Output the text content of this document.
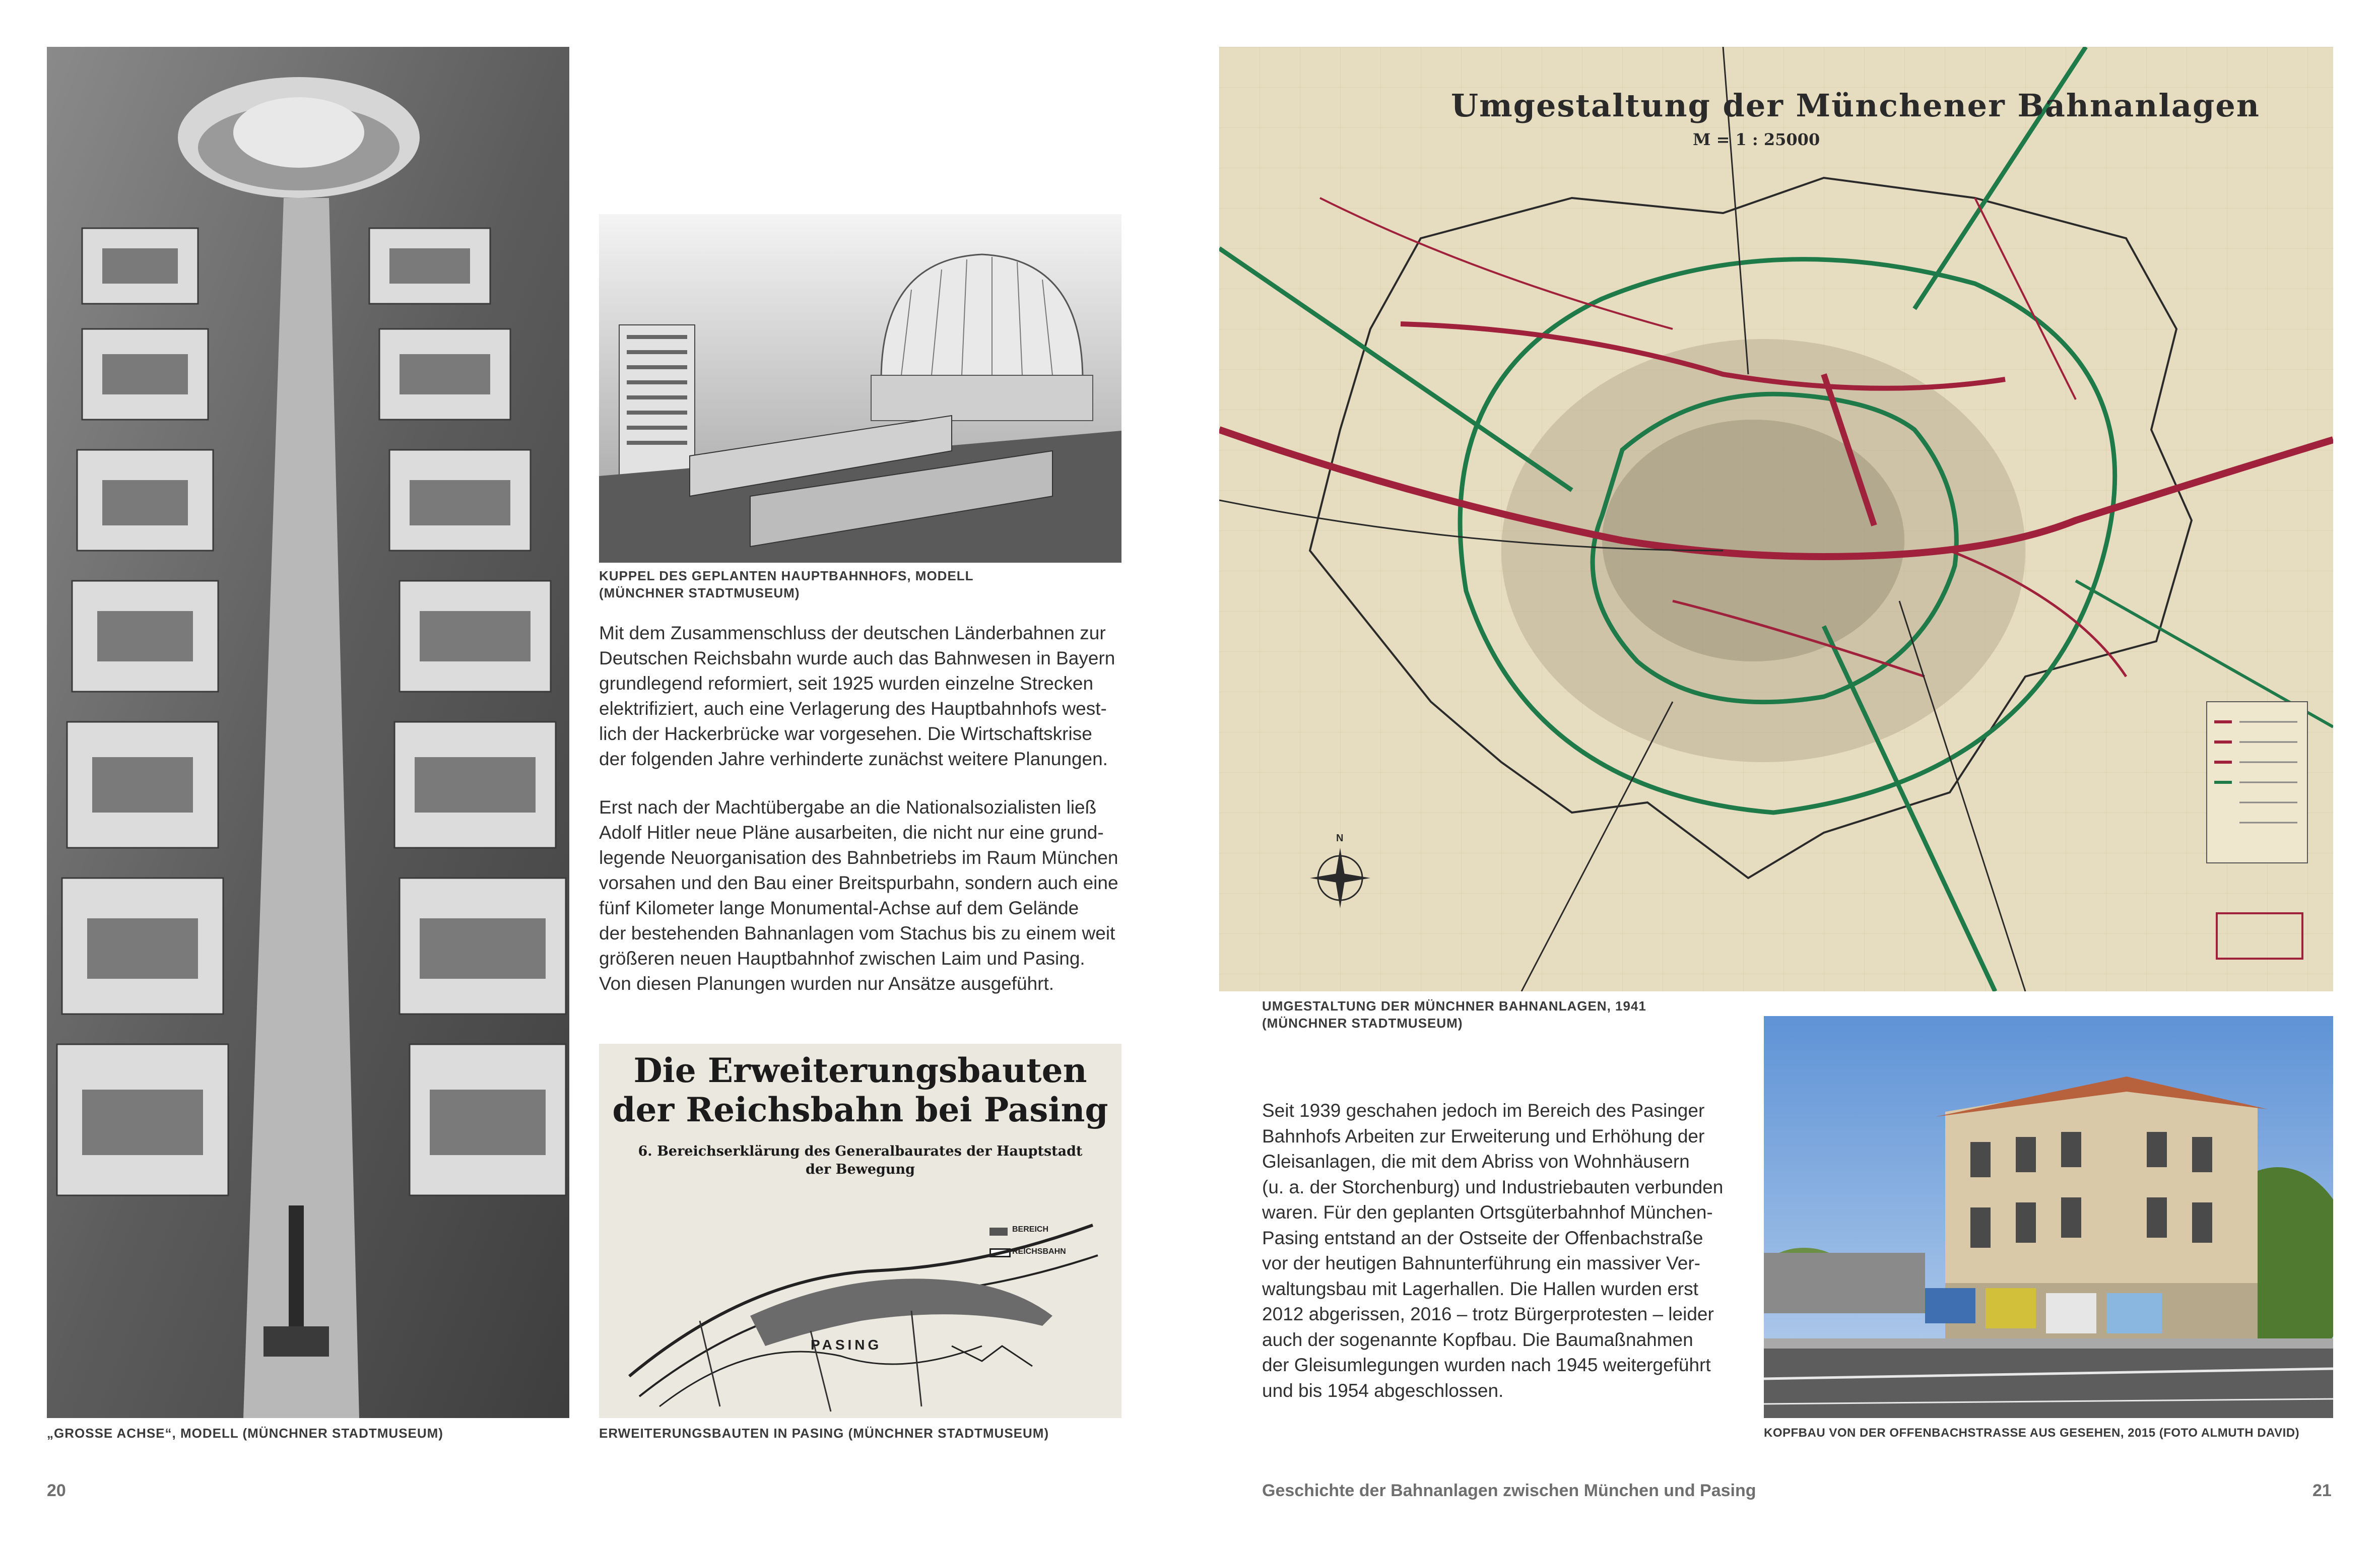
„GROSSE ACHSE“, MODELL (MÜNCHNER STADTMUSEUM)
KUPPEL DES GEPLANTEN HAUPTBAHNHOFS, MODELL
(MÜNCHNER STADTMUSEUM)

Mit dem Zusammenschluss der deutschen Länderbahnen zur
Deutschen Reichsbahn wurde auch das Bahnwesen in Bayern
grundlegend reformiert, seit 1925 wurden einzelne Strecken
elektrifiziert, auch eine Verlagerung des Hauptbahnhofs west-
lich der Hackerbrücke war vorgesehen. Die Wirtschaftskrise
der folgenden Jahre verhinderte zunächst weitere Planungen.

Erst nach der Machtübergabe an die Nationalsozialisten ließ
Adolf Hitler neue Pläne ausarbeiten, die nicht nur eine grund-
legende Neuorganisation des Bahnbetriebs im Raum München
vorsahen und den Bau einer Breitspurbahn, sondern auch eine
fünf Kilometer lange Monumental-Achse auf dem Gelände
der bestehenden Bahnanlagen vom Stachus bis zu einem weit
größeren neuen Hauptbahnhof zwischen Laim und Pasing.
Von diesen Planungen wurden nur Ansätze ausgeführt.

Die Erweiterungsbauten
der Reichsbahn bei Pasing
6. Bereichserklärung des Generalbaurates der Hauptstadt
der Bewegung
BEREICH
REICHSBAHN
PASING
ERWEITERUNGSBAUTEN IN PASING (MÜNCHNER STADTMUSEUM)
20
Umgestaltung der Münchener Bahnanlagen
M = 1 : 25000
N
UMGESTALTUNG DER MÜNCHNER BAHNANLAGEN, 1941
(MÜNCHNER STADTMUSEUM)

Seit 1939 geschahen jedoch im Bereich des Pasinger
Bahnhofs Arbeiten zur Erweiterung und Erhöhung der
Gleisanlagen, die mit dem Abriss von Wohnhäusern
(u. a. der Storchenburg) und Industriebauten verbunden
waren. Für den geplanten Ortsgüterbahnhof München-
Pasing entstand an der Ostseite der Offenbachstraße
vor der heutigen Bahnunterführung ein massiver Ver-
waltungsbau mit Lagerhallen. Die Hallen wurden erst
2012 abgerissen, 2016 – trotz Bürgerprotesten – leider
auch der sogenannte Kopfbau. Die Baumaßnahmen
der Gleisumlegungen wurden nach 1945 weitergeführt
und bis 1954 abgeschlossen.

KOPFBAU VON DER OFFENBACHSTRASSE AUS GESEHEN, 2015 (FOTO ALMUTH DAVID)
Geschichte der Bahnanlagen zwischen München und Pasing	21
